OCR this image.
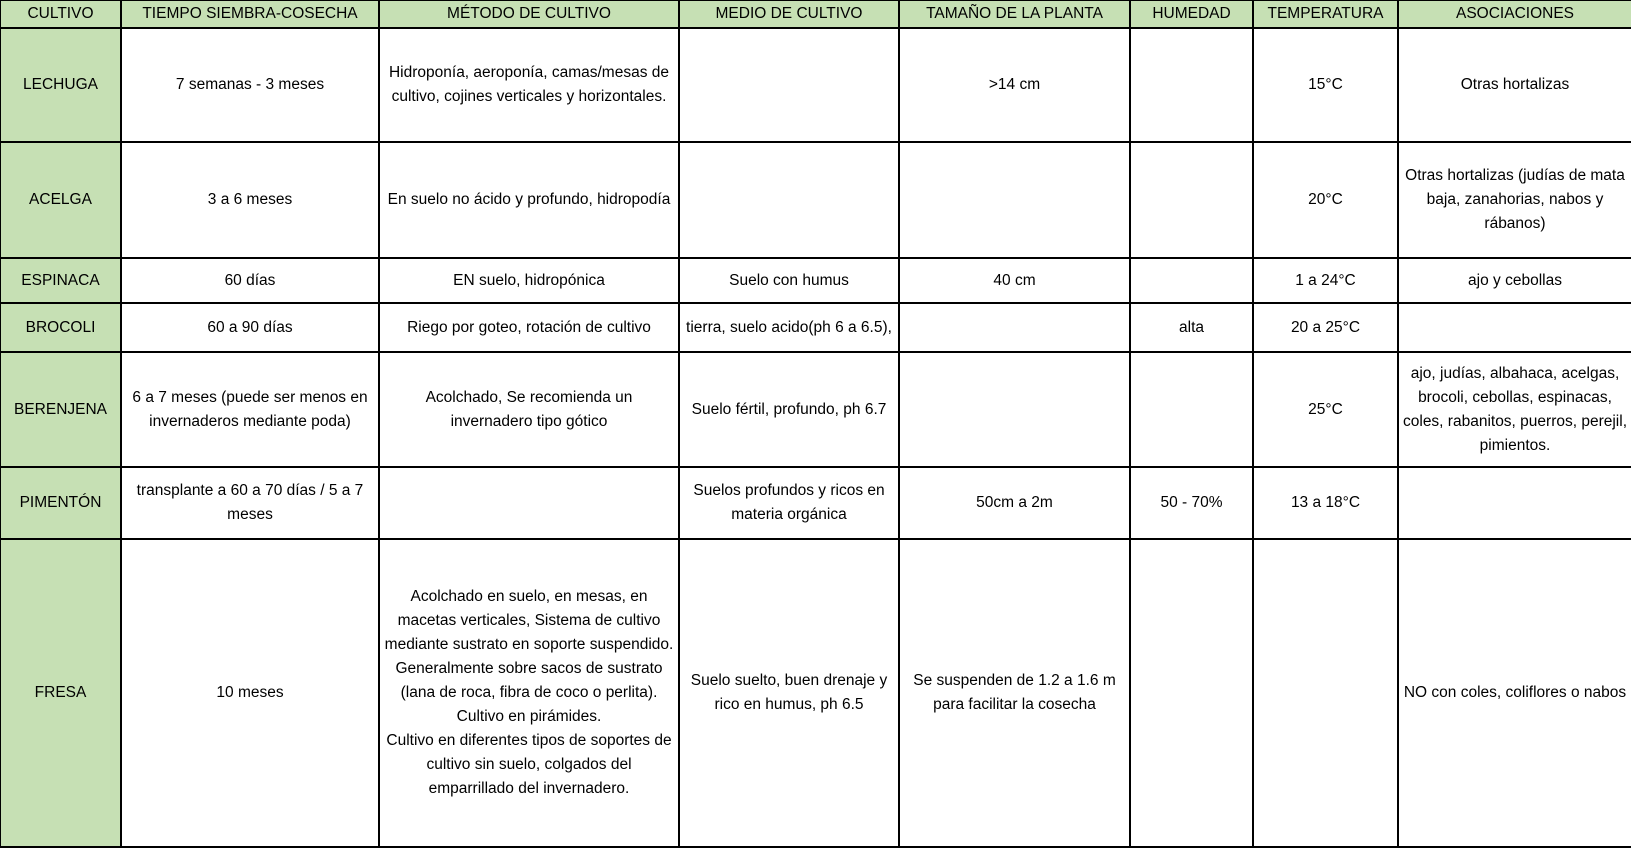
CULTIVO	TIEMPO SIEMBRA-COSECHA	MÉTODO DE CULTIVO	MEDIO DE CULTIVO	TAMAÑO DE LA PLANTA	HUMEDAD	TEMPERATURA	ASOCIACIONES
LECHUGA	7 semanas - 3 meses	Hidroponía, aeroponía, camas/mesas de cultivo, cojines verticales y horizontales.		>14 cm		15°C	Otras hortalizas
ACELGA	3 a 6 meses	En suelo no ácido y profundo, hidropodía				20°C	Otras hortalizas (judías de mata baja, zanahorias, nabos y rábanos)
ESPINACA	60 días	EN suelo, hidropónica	Suelo con humus	40 cm		1 a 24°C	ajo y cebollas
BROCOLI	60 a 90 días	Riego por goteo, rotación de cultivo	tierra, suelo acido(ph 6 a 6.5),		alta	20 a 25°C	
BERENJENA	6 a 7 meses (puede ser menos en invernaderos mediante poda)	Acolchado, Se recomienda un invernadero tipo gótico	Suelo fértil, profundo, ph 6.7			25°C	ajo, judías, albahaca, acelgas, brocoli, cebollas, espinacas, coles, rabanitos, puerros, perejil, pimientos.
PIMENTÓN	transplante a 60 a 70 días / 5 a 7 meses		Suelos profundos y ricos en materia orgánica	50cm a 2m	50 - 70%	13 a 18°C	
FRESA	10 meses	Acolchado en suelo, en mesas, en macetas verticales, Sistema de cultivo mediante sustrato en soporte suspendido. Generalmente sobre sacos de sustrato (lana de roca, fibra de coco o perlita).
Cultivo en pirámides.
Cultivo en diferentes tipos de soportes de cultivo sin suelo, colgados del emparrillado del invernadero.	Suelo suelto, buen drenaje y rico en humus, ph 6.5	Se suspenden de 1.2 a 1.6 m para facilitar la cosecha			NO con coles, coliflores o nabos
